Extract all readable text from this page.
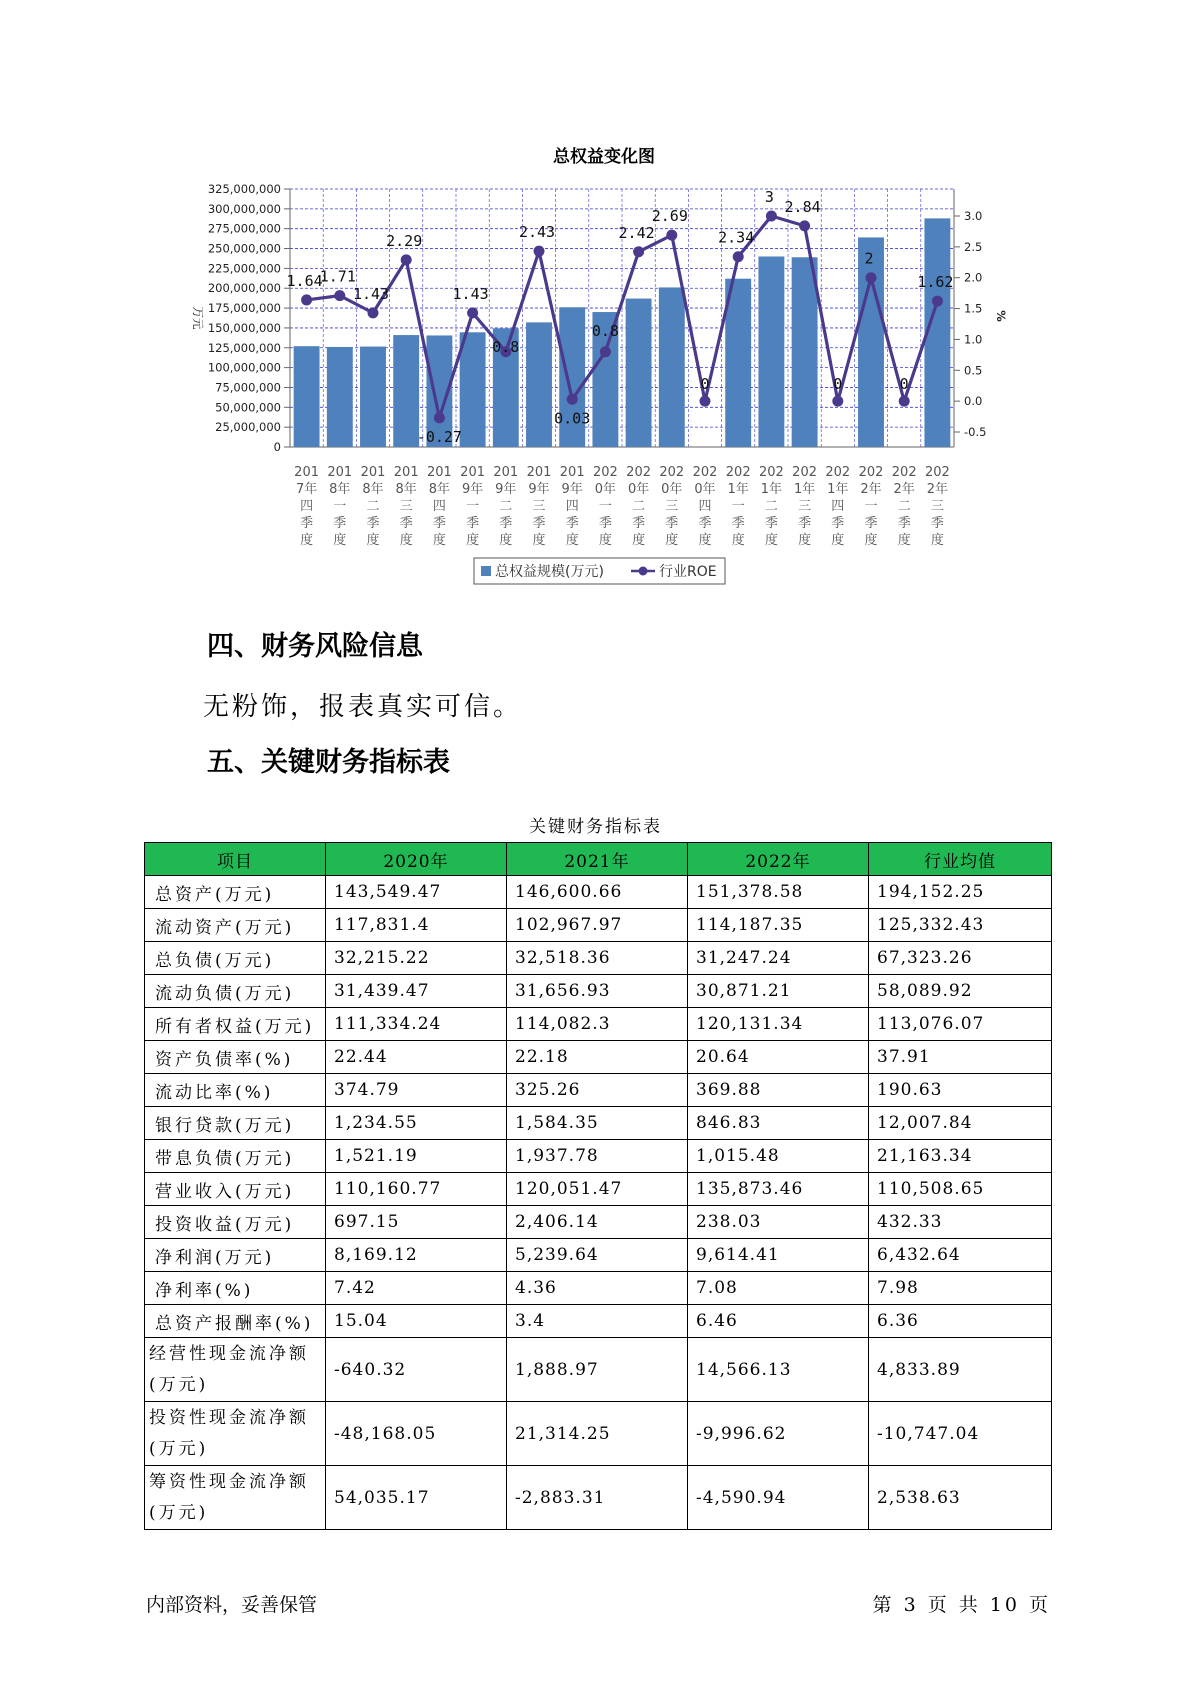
总权益变化图
325,000,000
300,000,000
275,000,000
250,000,000
225,000,000
200,000,000
175,000,000
150,000,000
125,000,000
100,000,000
75,000,000
50,000,000
25,000,000
0
3.0
2.5
2.0
1.5
1.0
0.5
0.0
-0.5
万元	%
201
7年
四
季
度
201
8年
一
季
度
201
8年
二
季
度
201
8年
三
季
度
201
8年
四
季
度
201
9年
一
季
度
201
9年
二
季
度
201
9年
三
季
度
201
9年
四
季
度
202
0年
一
季
度
202
0年
二
季
度
202
0年
三
季
度
202
0年
四
季
度
202
1年
一
季
度
202
1年
二
季
度
202
1年
三
季
度
202
1年
四
季
度
202
2年
一
季
度
202
2年
二
季
度
202
2年
三
季
度
1.64
1.71
1.43
2.29
-0.27
1.43
0.8
2.43
0.03
0.8
2.42
2.69
0
2.34
3
2.84
0
2
0
1.62
总权益规模(万元)	行业ROE
四、财务风险信息

无粉饰，报表真实可信。

五、关键财务指标表
关键财务指标表
项目	2020年	2021年	2022年	行业均值
总资产(万元)	143,549.47	146,600.66	151,378.58	194,152.25
流动资产(万元)	117,831.4	102,967.97	114,187.35	125,332.43
总负债(万元)	32,215.22	32,518.36	31,247.24	67,323.26
流动负债(万元)	31,439.47	31,656.93	30,871.21	58,089.92
所有者权益(万元)	111,334.24	114,082.3	120,131.34	113,076.07
资产负债率(%)	22.44	22.18	20.64	37.91
流动比率(%)	374.79	325.26	369.88	190.63
银行贷款(万元)	1,234.55	1,584.35	846.83	12,007.84
带息负债(万元)	1,521.19	1,937.78	1,015.48	21,163.34
营业收入(万元)	110,160.77	120,051.47	135,873.46	110,508.65
投资收益(万元)	697.15	2,406.14	238.03	432.33
净利润(万元)	8,169.12	5,239.64	9,614.41	6,432.64
净利率(%)	7.42	4.36	7.08	7.98
总资产报酬率(%)	15.04	3.4	6.46	6.36
经营性现金流净额(万元)	-640.32	1,888.97	14,566.13	4,833.89
投资性现金流净额(万元)	-48,168.05	21,314.25	-9,996.62	-10,747.04
筹资性现金流净额(万元)	54,035.17	-2,883.31	-4,590.94	2,538.63
内部资料，妥善保管	第 3 页 共 10 页
